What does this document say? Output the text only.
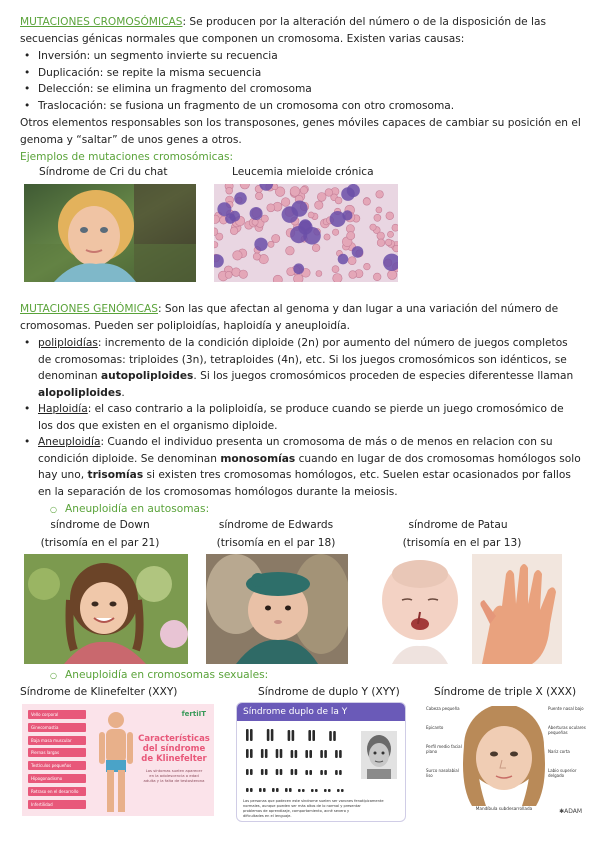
MUTACIONES CROMOSÓMICAS: Se producen por la alteración del número o de la disposición de las
secuencias génicas normales que componen un cromosoma. Existen varias causas:
• Inversión: un segmento invierte su recuencia
• Duplicación: se repite la misma secuencia
• Delección: se elimina un fragmento del cromosoma
• Traslocación: se fusiona un fragmento de un cromosoma con otro cromosoma.
Otros elementos responsables son los transposones, genes móviles capaces de cambiar su posición en el
genoma y “saltar” de unos genes a otros.
Ejemplos de mutaciones cromosómicas:
Síndrome de Cri du chat	Leucemia mieloide crónica
MUTACIONES GENÓMICAS: Son las que afectan al genoma y dan lugar a una variación del número de
cromosomas. Pueden ser poliploidías, haploidía y aneuploidía.
• poliploidías: incremento de la condición diploide (2n) por aumento del número de juegos completos
de cromosomas: triploides (3n), tetraploides (4n), etc. Si los juegos cromosómicos son idénticos, se
denominan autopoliploides. Si los juegos cromosómicos proceden de especies diferentesse llaman
alopoliploides.
• Haploidía: el caso contrario a la poliploidía, se produce cuando se pierde un juego cromosómico de
los dos que existen en el organismo diploide.
• Aneuploidía: Cuando el individuo presenta un cromosoma de más o de menos en relacion con su
condición diploide. Se denominan monosomías cuando en lugar de dos cromosomas homólogos solo
hay uno, trisomías si existen tres cromosomas homólogos, etc. Suelen estar ocasionados por fallos
en la separación de los cromosomas homólogos durante la meiosis.
○ Aneuploidía en autosomas:
síndrome de Down
(trisomía en el par 21)
síndrome de Edwards
(trisomía en el par 18)
síndrome de Patau
(trisomía en el par 13)
○ Aneuploidía en cromosomas sexuales:
Síndrome de Klinefelter (XXY)	Síndrome de duplo Y (XYY)	Síndrome de triple X (XXX)
Vello corporal
Ginecomastia
Baja masa muscular
Piernas largas
Testículos pequeños
Hipogonadismo
Retraso en el desarrollo
Infertilidad
fertiIT
Características
del síndrome
de Klinefelter
Los síntomas suelen aparecer
en la adolescencia o edad
adulta y la falta de testosterona
Síndrome duplo de la Y
Las personas que padecen este síndrome suelen ser varones fenotípicamente
normales, aunque pueden ser más altos de lo normal y presentar
problemas de aprendizaje, comportamiento, acné severo y
dificultades en el lenguaje.
Cabeza pequeña
Epicanto
Perfil medio facial plano
Surco nasolabial liso
Puente nasal bajo
Aberturas oculares pequeñas
Nariz corta
Labio superior delgado
Mandíbula subdesarrollada	✱ADAM
